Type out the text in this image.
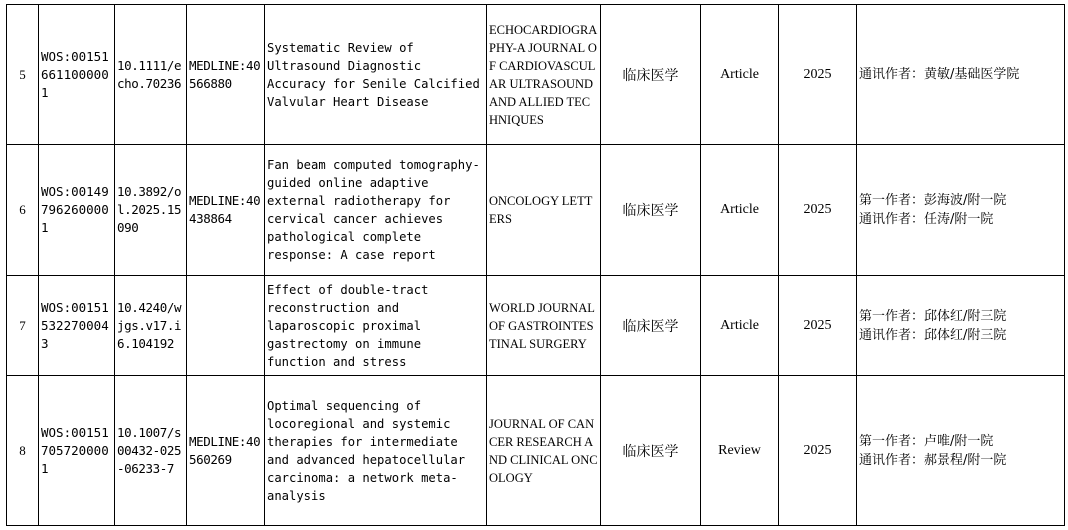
5	WOS:001516611000001	10.1111/echo.70236	MEDLINE:40566880	Systematic Review of Ultrasound Diagnostic Accuracy for Senile Calcified Valvular Heart Disease	ECHOCARDIOGRAPHY-A JOURNAL OF CARDIOVASCULAR ULTRASOUND AND ALLIED TECHNIQUES	临床医学	Article	2025	通讯作者：黄敏/基础医学院

6	WOS:001497962600001	10.3892/ol.2025.15090	MEDLINE:40438864	Fan beam computed tomography-guided online adaptive external radiotherapy for cervical cancer achieves pathological complete response: A case report	ONCOLOGY LETTERS	临床医学	Article	2025	第一作者：彭海波/附一院
通讯作者：任涛/附一院

7	WOS:001515322700043	10.4240/wjgs.v17.i6.104192		Effect of double-tract reconstruction and laparoscopic proximal gastrectomy on immune function and stress	WORLD JOURNAL OF GASTROINTESTINAL SURGERY	临床医学	Article	2025	第一作者：邱体红/附三院
通讯作者：邱体红/附三院

8	WOS:001517057200001	10.1007/s00432-025-06233-7	MEDLINE:40560269	Optimal sequencing of locoregional and systemic therapies for intermediate and advanced hepatocellular carcinoma: a network meta-analysis	JOURNAL OF CANCER RESEARCH AND CLINICAL ONCOLOGY	临床医学	Review	2025	第一作者：卢唯/附一院
通讯作者：郝景程/附一院
